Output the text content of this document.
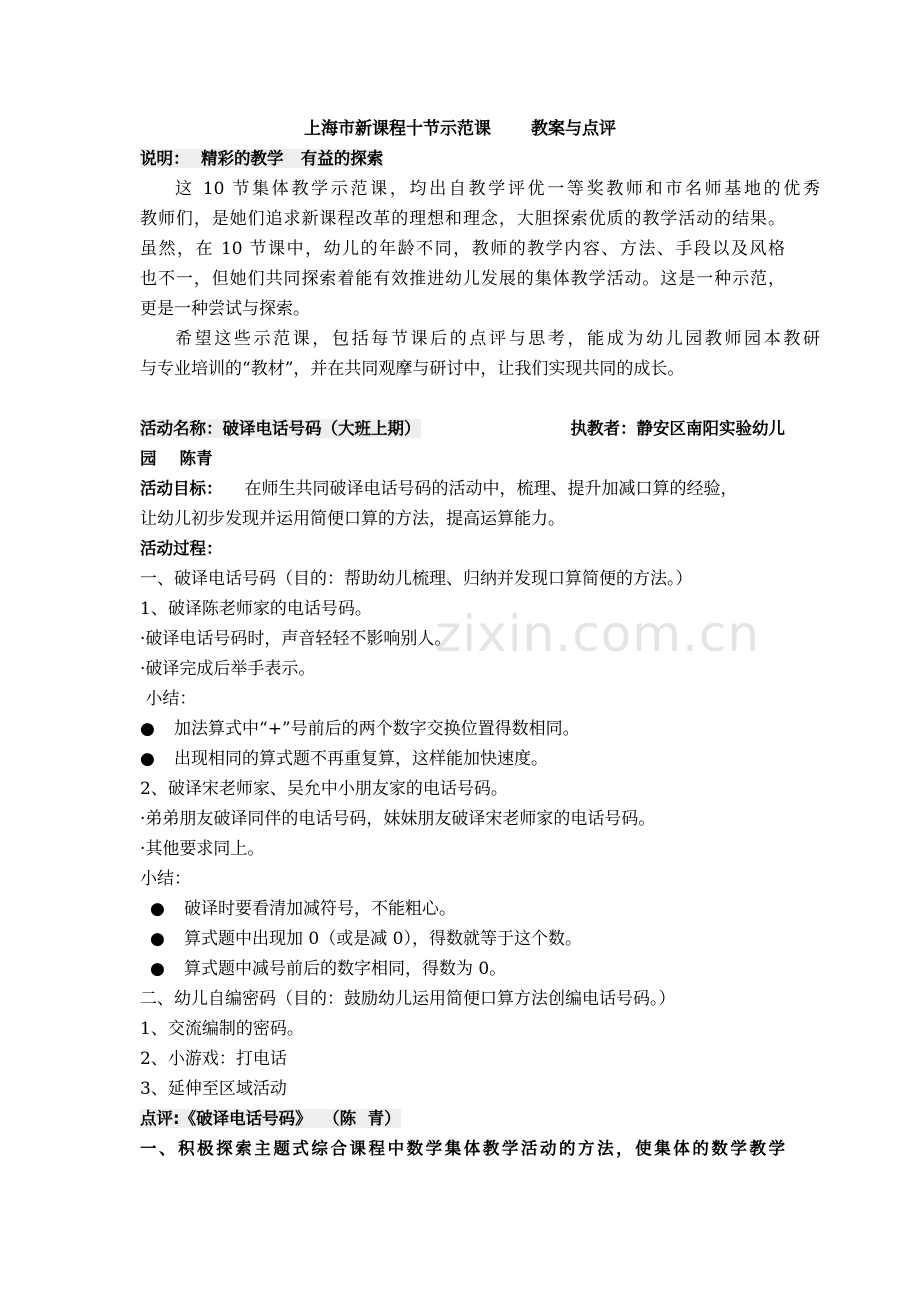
上海市新课程十节示范课 教案与点评
说明：  精彩的教学   有益的探索
这 10 节集体教学示范课，均出自教学评优一等奖教师和市名师基地的优秀
教师们，是她们追求新课程改革的理想和理念，大胆探索优质的教学活动的结果。
虽然，在 10 节课中，幼儿的年龄不同，教师的教学内容、方法、手段以及风格
也不一，但她们共同探索着能有效推进幼儿发展的集体教学活动。这是一种示范，
更是一种尝试与探索。
希望这些示范课，包括每节课后的点评与思考，能成为幼儿园教师园本教研
与专业培训的“教材”，并在共同观摩与研讨中，让我们实现共同的成长。
活动名称：破译电话号码（大班上期）	执教者：静安区南阳实验幼儿
园    陈青
活动目标： 在师生共同破译电话号码的活动中，梳理、提升加减口算的经验，
让幼儿初步发现并运用简便口算的方法，提高运算能力。
活动过程：
一、破译电话号码（目的：帮助幼儿梳理、归纳并发现口算简便的方法。）
1、破译陈老师家的电话号码。
·破译电话号码时，声音轻轻不影响别人。
·破译完成后举手表示。
小结：
● 加法算式中“+”号前后的两个数字交换位置得数相同。
● 出现相同的算式题不再重复算，这样能加快速度。
2、破译宋老师家、吴允中小朋友家的电话号码。
·弟弟朋友破译同伴的电话号码，妹妹朋友破译宋老师家的电话号码。
·其他要求同上。
小结：
● 破译时要看清加减符号，不能粗心。
● 算式题中出现加 0（或是减 0），得数就等于这个数。
● 算式题中减号前后的数字相同，得数为 0。
二、幼儿自编密码（目的：鼓励幼儿运用简便口算方法创编电话号码。）
1、交流编制的密码。
2、小游戏：打电话
3、延伸至区域活动
点评:《破译电话号码》  （陈  青）
一、积极探索主题式综合课程中数学集体教学活动的方法，使集体的数学教学
zixin.com.cn
